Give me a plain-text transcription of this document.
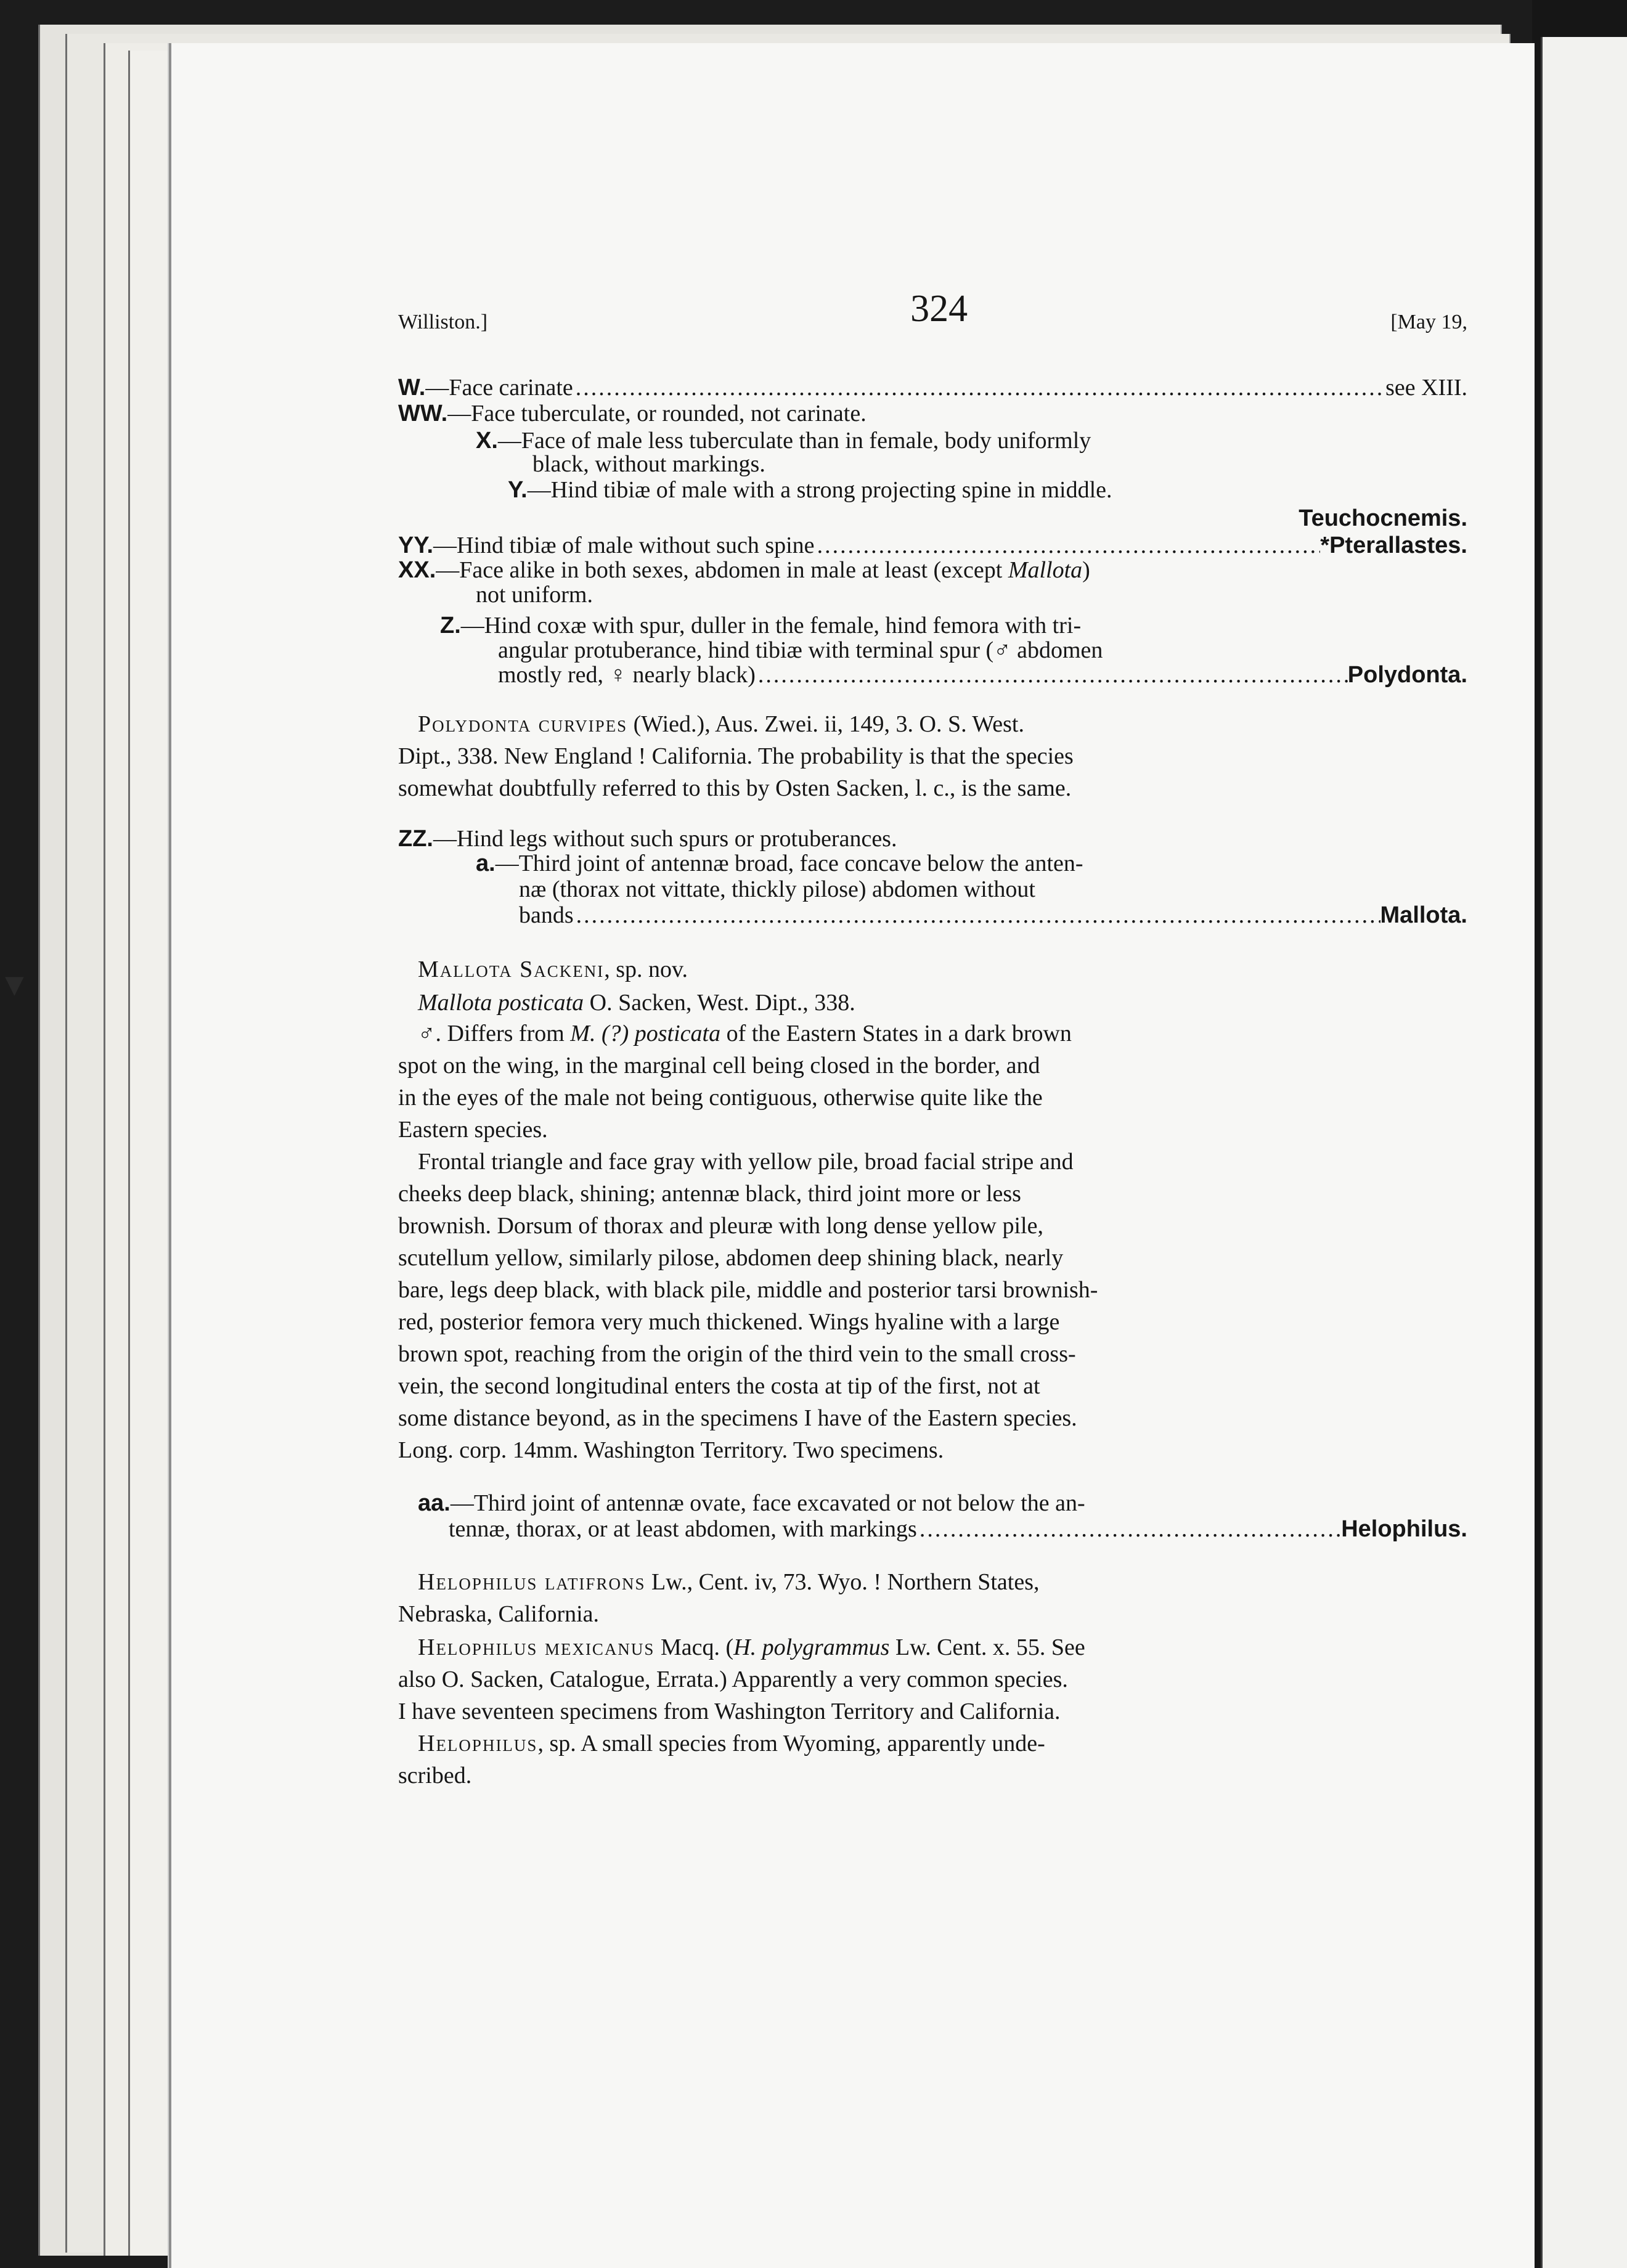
▼
Williston.]	324	[May 19,
W.—Face carinate .....	see XIII.
WW.—Face tuberculate, or rounded, not carinate.
X.—Face of male less tuberculate than in female, body uniformly
black, without markings.
Y.—Hind tibiæ of male with a strong projecting spine in middle.
Teuchocnemis.
YY.—Hind tibiæ of male without such spine .....	*Pterallastes.
XX.—Face alike in both sexes, abdomen in male at least (except Mallota)
not uniform.
Z.—Hind coxæ with spur, duller in the female, hind femora with tri-
angular protuberance, hind tibiæ with terminal spur (♂ abdomen
mostly red, ♀ nearly black) .....	Polydonta.
Polydonta curvipes (Wied.), Aus. Zwei. ii, 149, 3. O. S. West.
Dipt., 338. New England ! California. The probability is that the species
somewhat doubtfully referred to this by Osten Sacken, l. c., is the same.
ZZ.—Hind legs without such spurs or protuberances.
a.—Third joint of antennæ broad, face concave below the anten-
næ (thorax not vittate, thickly pilose) abdomen without
bands .....	Mallota.
Mallota Sackeni, sp. nov.
Mallota posticata O. Sacken, West. Dipt., 338.
♂. Differs from M. (?) posticata of the Eastern States in a dark brown
spot on the wing, in the marginal cell being closed in the border, and
in the eyes of the male not being contiguous, otherwise quite like the
Eastern species.
Frontal triangle and face gray with yellow pile, broad facial stripe and
cheeks deep black, shining; antennæ black, third joint more or less
brownish. Dorsum of thorax and pleuræ with long dense yellow pile,
scutellum yellow, similarly pilose, abdomen deep shining black, nearly
bare, legs deep black, with black pile, middle and posterior tarsi brownish-
red, posterior femora very much thickened. Wings hyaline with a large
brown spot, reaching from the origin of the third vein to the small cross-
vein, the second longitudinal enters the costa at tip of the first, not at
some distance beyond, as in the specimens I have of the Eastern species.
Long. corp. 14mm. Washington Territory. Two specimens.
aa.—Third joint of antennæ ovate, face excavated or not below the an-
tennæ, thorax, or at least abdomen, with markings .....	Helophilus.
Helophilus latifrons Lw., Cent. iv, 73. Wyo. ! Northern States,
Nebraska, California.
Helophilus mexicanus Macq. (H. polygrammus Lw. Cent. x. 55. See
also O. Sacken, Catalogue, Errata.) Apparently a very common species.
I have seventeen specimens from Washington Territory and California.
Helophilus, sp. A small species from Wyoming, apparently unde-
scribed.
